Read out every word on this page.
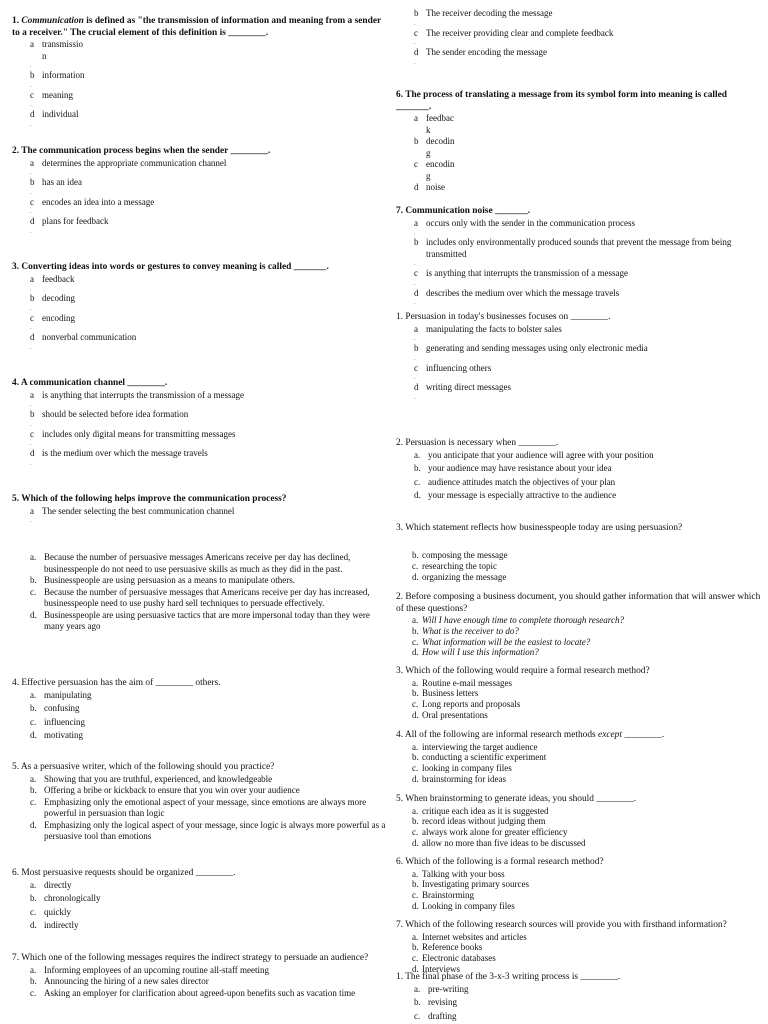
1. Communication is defined as "the transmission of information and meaning from a sender to a receiver." The crucial element of this definition is ________.

a transmissio
n
.
b information
.
c meaning
.
d individual
.

2. The communication process begins when the sender ________.

a determines the appropriate communication channel
.
b has an idea
.
c encodes an idea into a message
.
d plans for feedback
.

3. Converting ideas into words or gestures to convey meaning is called _______.

a feedback
.
b decoding
.
c encoding
.
d nonverbal communication
.

4. A communication channel ________.

a is anything that interrupts the transmission of a message
.
b should be selected before idea formation
.
c includes only digital means for transmitting messages
.
d is the medium over which the message travels
.

5. Which of the following helps improve the communication process?

a The sender selecting the best communication channel
.
a. Because the number of persuasive messages Americans receive per day has declined, businesspeople do not need to use persuasive skills as much as they did in the past.
b. Businesspeople are using persuasion as a means to manipulate others.
c. Because the number of persuasive messages that Americans receive per day has increased, businesspeople need to use pushy hard sell techniques to persuade effectively.
d. Businesspeople are using persuasive tactics that are more impersonal today than they were many years ago

4. Effective persuasion has the aim of ________ others.

a. manipulating
b. confusing
c. influencing
d. motivating

5. As a persuasive writer, which of the following should you practice?

a. Showing that you are truthful, experienced, and knowledgeable
b. Offering a bribe or kickback to ensure that you win over your audience
c. Emphasizing only the emotional aspect of your message, since emotions are always more powerful in persuasion than logic
d. Emphasizing only the logical aspect of your message, since logic is always more powerful as a persuasive tool than emotions

6. Most persuasive requests should be organized ________.

a. directly
b. chronologically
c. quickly
d. indirectly

7. Which one of the following messages requires the indirect strategy to persuade an audience?

a. Informing employees of an upcoming routine all-staff meeting
b. Announcing the hiring of a new sales director
c. Asking an employer for clarification about agreed-upon benefits such as vacation time
b The receiver decoding the message
.
c The receiver providing clear and complete feedback
.
d The sender encoding the message
.

6. The process of translating a message from its symbol form into meaning is called _______.

a feedbac
k
b decodin
g
c encodin
g
d noise

7. Communication noise _______.

a occurs only with the sender in the communication process
.
b includes only environmentally produced sounds that prevent the message from being transmitted
.
c is anything that interrupts the transmission of a message
.
d describes the medium over which the message travels
.

1. Persuasion in today's businesses focuses on ________.

a manipulating the facts to bolster sales
.
b generating and sending messages using only electronic media
.
c influencing others
.
d writing direct messages
.

2. Persuasion is necessary when ________.

a. you anticipate that your audience will agree with your position
b. your audience may have resistance about your idea
c. audience attitudes match the objectives of your plan
d. your message is especially attractive to the audience

3. Which statement reflects how businesspeople today are using persuasion?

b. composing the message
c. researching the topic
d. organizing the message

2. Before composing a business document, you should gather information that will answer which of these questions?

a. Will I have enough time to complete thorough research?
b. What is the receiver to do?
c. What information will be the easiest to locate?
d. How will I use this information?

3. Which of the following would require a formal research method?

a. Routine e-mail messages
b. Business letters
c. Long reports and proposals
d. Oral presentations

4. All of the following are informal research methods except ________.

a. interviewing the target audience
b. conducting a scientific experiment
c. looking in company files
d. brainstorming for ideas

5. When brainstorming to generate ideas, you should ________.

a. critique each idea as it is suggested
b. record ideas without judging them
c. always work alone for greater efficiency
d. allow no more than five ideas to be discussed

6. Which of the following is a formal research method?

a. Talking with your boss
b. Investigating primary sources
c. Brainstorming
d. Looking in company files

7. Which of the following research sources will provide you with firsthand information?

a. Internet websites and articles
b. Reference books
c. Electronic databases
d. Interviews

1. The final phase of the 3-x-3 writing process is ________.

a. pre-writing
b. revising
c. drafting
